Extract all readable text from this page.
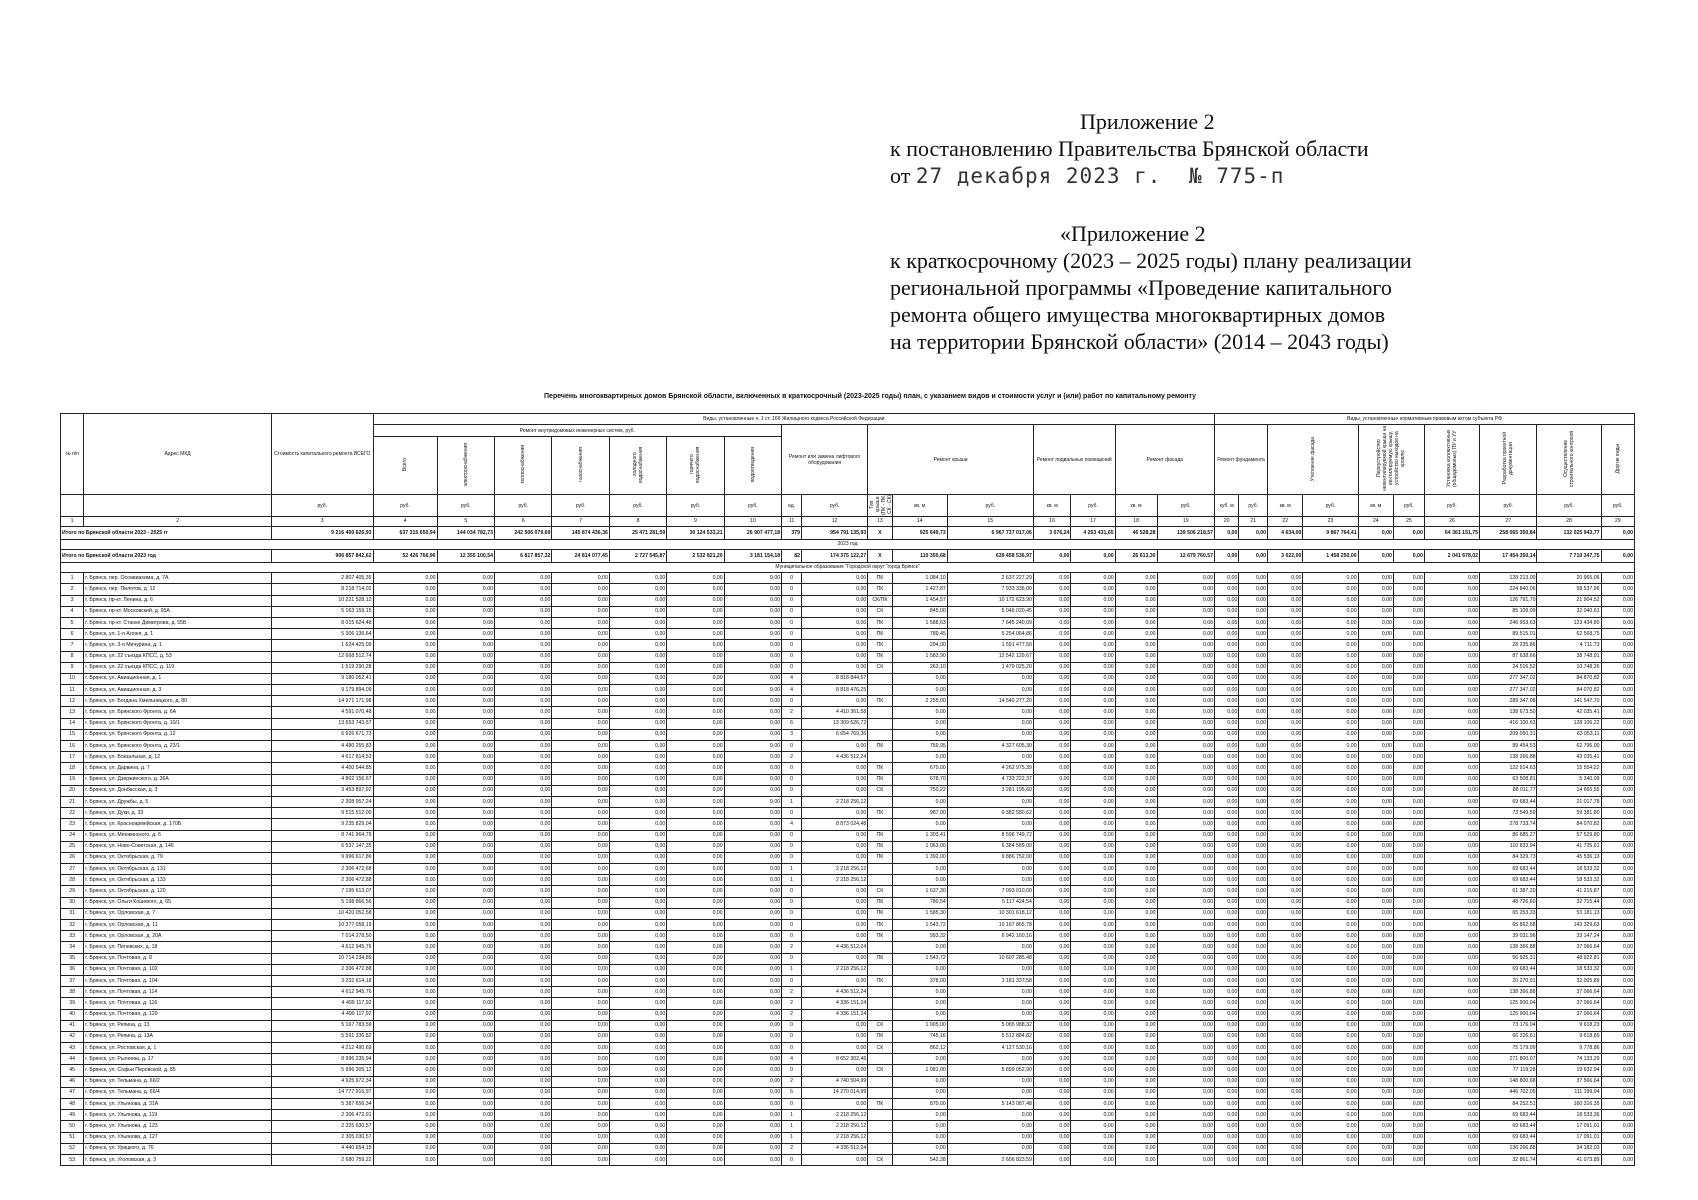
Приложение 2
к постановлению Правительства Брянской области
от 27 декабря 2023 г. № 775-п
«Приложение 2
к краткосрочному (2023 – 2025 годы) плану реализации
региональной программы «Проведение капитального
ремонта общего имущества многоквартирных домов
на территории Брянской области» (2014 – 2043 годы)
Перечень многоквартирных домов Брянской области, включенных в краткосрочный (2023-2025 годы) план, с указанием видов и стоимости услуг и (или) работ по капитальному ремонту
№ п/п	Адрес МКД	Стоимость капитального ремонта ВСЕГО	Виды, установленные ч. 1 ст. 166 Жилищного кодекса Российской Федерации																Виды, установленные нормативным правовым актом субъекта РФ									
			Ремонт внутридомовых инженерных систем, руб.							Ремонт или замена лифтового оборудования		Ремонт крыши			Ремонт подвальных помещений		Ремонт фасада		Ремонт фундамента		Утепление фасада		Переустройство невентилируемой крыши на вентилируемую крышу, устройство выходов на кровлю		Установка коллективных (общедомовых) ПУ и УУ	Разработка проектной документации	Осуществление строительного контроля	Другие виды
			Всего	электроснабжения	теплоснабжения	газоснабжения	холодного водоснабжения	горячего водоснабжения	водоотведения																			
		руб.	руб.	руб.	руб.	руб.	руб.	руб.	руб.	ед.	руб.	Тип крыши (ПК - ПК, СК - СК)	кв. м	руб.	кв. м	руб.	кв. м	руб.	куб. м	руб.	кв. м	руб.	кв. м	руб.	руб.	руб.	руб.	руб.
1	2	3	4	5	6	7	8	9	10	11	12	13	14	15	16	17	18	19	20	21	22	23	24	25	26	27	28	29
Итого по Брянской области 2023 - 2025 гг		9 216 400 626,93	637 315 650,94	144 034 782,73	242 506 079,69	145 874 436,36	25 471 281,59	30 124 533,21	26 907 477,18	379	954 791 135,93	X	925 649,73	6 967 737 017,06	3 076,24	4 253 431,65	46 528,28	139 506 218,57	0,00	0,00	4 634,00	9 867 764,41	0,00	0,00	64 361 151,75	258 065 350,84	132 025 943,77	0,00
2023 год																												
Итого по Брянской области 2023 год		906 857 842,62	52 426 766,96	12 355 100,54	6 817 857,32	24 814 077,45	2 727 545,87	2 532 821,20	3 181 154,18	82	174 375 122,27	X	110 350,68	639 458 536,97	0,00	0,00	26 613,30	12 679 760,57	0,00	0,00	3 022,00	1 458 250,00	0,00	0,00	2 041 678,02	17 454 350,14	7 710 347,75	0,00
Муниципальное образование "Городской округ "город Брянск"																												
1	г. Брянск, пер. Осоавиахима, д. 7А	2 807 405,35	0,00	0,00	0,00	0,00	0,00	0,00	0,00	0	0,00	ПК	1 084,10	2 637 227,29	0,00	0,00	0,00	0,00	0,00	0,00	0,00	0,00	0,00	0,00	0,00	128 213,00	20 965,06	0,00
2	г. Брянск, пер. Пилотов, д. 12	8 218 714,02	0,00	0,00	0,00	0,00	0,00	0,00	0,00	0	0,00	ПК	1 427,87	7 933 336,00	0,00	0,00	0,00	0,00	0,00	0,00	0,00	0,00	0,00	0,00	0,00	224 840,06	58 537,96	0,00
3	г. Брянск, пр-кт. Ленина, д. 6	10 221 528,12	0,00	0,00	0,00	0,00	0,00	0,00	0,00	0	0,00	СК/ПК	1 454,57	10 172 623,90	0,00	0,00	0,00	0,00	0,00	0,00	0,00	0,00	0,00	0,00	0,00	126 791,70	21 904,52	0,00
4	г. Брянск, пр-кт. Московский, д. 95А	5 163 159,15	0,00	0,00	0,00	0,00	0,00	0,00	0,00	0	0,00	СК	845,00	5 046 020,45	0,00	0,00	0,00	0,00	0,00	0,00	0,00	0,00	0,00	0,00	0,00	85 109,09	32 040,61	0,00
5	г. Брянск, пр-кт. Станке Димитрова, д. 55Б	8 015 624,48	0,00	0,00	0,00	0,00	0,00	0,00	0,00	0	0,00	ПК	1 588,63	7 645 240,09	0,00	0,00	0,00	0,00	0,00	0,00	0,00	0,00	0,00	0,00	0,00	246 953,63	123 434,80	0,00
6	г. Брянск, ул. 1-я Аллея, д. 1	5 306 136,64	0,00	0,00	0,00	0,00	0,00	0,00	0,00	0	0,00	ПК	789,45	5 254 064,86	0,00	0,00	0,00	0,00	0,00	0,00	0,00	0,00	0,00	0,00	0,00	89 515,01	62 568,75	0,00
7	г. Брянск, ул. 3-я Мичурина, д. 1	1 624 425,09	0,00	0,00	0,00	0,00	0,00	0,00	0,00	0	0,00	ПК	294,00	1 591 477,50	0,00	0,00	0,00	0,00	0,00	0,00	0,00	0,00	0,00	0,00	0,00	28 235,86	4 711,73	0,00
8	г. Брянск, ул. 22 съезда КПСС, д. 53	12 668 512,74	0,00	0,00	0,00	0,00	0,00	0,00	0,00	0	0,00	ПК	1 583,90	12 542 129,67	0,00	0,00	0,00	0,00	0,00	0,00	0,00	0,00	0,00	0,00	0,00	87 638,66	38 748,91	0,00
9	г. Брянск, ул. 22 съезда КПСС, д. 119	1 519 290,28	0,00	0,00	0,00	0,00	0,00	0,00	0,00	0	0,00	СК	263,10	1 479 025,20	0,00	0,00	0,00	0,00	0,00	0,00	0,00	0,00	0,00	0,00	0,00	24 516,52	10 748,26	0,00
10	г. Брянск, ул. Авиационная, д. 1	9 180 052,41	0,00	0,00	0,00	0,00	0,00	0,00	0,00	4	8 818 844,57		0,00	0,00	0,00	0,00	0,00	0,00	0,00	0,00	0,00	0,00	0,00	0,00	0,00	277 347,02	84 870,82	0,00
11	г. Брянск, ул. Авиационная, д. 3	9 179 894,09	0,00	0,00	0,00	0,00	0,00	0,00	0,00	4	8 818 476,25		0,00	0,00	0,00	0,00	0,00	0,00	0,00	0,00	0,00	0,00	0,00	0,00	0,00	277 347,02	84 070,82	0,00
12	г. Брянск, ул. Богдана Хмельницкого, д. 80	14 971 171,98	0,00	0,00	0,00	0,00	0,00	0,00	0,00	0	0,00	ПК	2 255,00	14 540 277,20	0,00	0,00	0,00	0,00	0,00	0,00	0,00	0,00	0,00	0,00	0,00	289 347,08	141 547,70	0,00
13	г. Брянск, ул. Брянского Фронта, д. 6А	4 591 070,48	0,00	0,00	0,00	0,00	0,00	0,00	0,00	2	4 410 361,58		0,00	0,00	0,00	0,00	0,00	0,00	0,00	0,00	0,00	0,00	0,00	0,00	0,00	138 673,50	42 035,41	0,00
14	г. Брянск, ул. Брянского Фронта, д. 10/1	13 653 743,57	0,00	0,00	0,00	0,00	0,00	0,00	0,00	6	13 309 526,72		0,00	0,00	0,00	0,00	0,00	0,00	0,00	0,00	0,00	0,00	0,00	0,00	0,00	416 100,63	128 106,22	0,00
15	г. Брянск, ул. Брянского Фронта, д. 12	6 926 671,73	0,00	0,00	0,00	0,00	0,00	0,00	0,00	3	6 654 769,36		0,00	0,00	0,00	0,00	0,00	0,00	0,00	0,00	0,00	0,00	0,00	0,00	0,00	209 050,31	63 053,11	0,00
16	г. Брянск, ул. Брянского Фронта, д. 23/1	4 480 255,83	0,00	0,00	0,00	0,00	0,00	0,00	0,00	0	0,00	ПК	759,95	4 327 605,30	0,00	0,00	0,00	0,00	0,00	0,00	0,00	0,00	0,00	0,00	0,00	89 454,53	62 796,00	0,00
17	г. Брянск, ул. Вокзальная, д. 12	4 617 814,53	0,00	0,00	0,00	0,00	0,00	0,00	0,00	2	4 436 512,24		0,00	0,00	0,00	0,00	0,00	0,00	0,00	0,00	0,00	0,00	0,00	0,00	0,00	138 266,88	43 035,41	0,00
18	г. Брянск, ул. Дарвина, д. 7	4 400 544,85	0,00	0,00	0,00	0,00	0,00	0,00	0,00	0	0,00	ПК	670,00	4 262 975,39	0,00	0,00	0,00	0,00	0,00	0,00	0,00	0,00	0,00	0,00	0,00	122 914,63	15 554,22	0,00
19	г. Брянск, ул. Дзержинского, д. 36А	4 802 156,67	0,00	0,00	0,00	0,00	0,00	0,00	0,00	0	0,00	ПК	678,70	4 733 222,37	0,00	0,00	0,00	0,00	0,00	0,00	0,00	0,00	0,00	0,00	0,00	63 508,81	5 340,09	0,00
20	г. Брянск, ул. Донбасская, д. 3	3 453 897,92	0,00	0,00	0,00	0,00	0,00	0,00	0,00	0	0,00	СК	750,22	3 281 195,60	0,00	0,00	0,00	0,00	0,00	0,00	0,00	0,00	0,00	0,00	0,00	88 011,77	14 665,55	0,00
21	г. Брянск, ул. Дружбы, д. 5	2 308 957,24	0,00	0,00	0,00	0,00	0,00	0,00	0,00	1	2 218 256,12		0,00	0,00	0,00	0,00	0,00	0,00	0,00	0,00	0,00	0,00	0,00	0,00	0,00	69 683,44	21 017,78	0,00
22	г. Брянск, ул. Дуки, д. 33	9 515 512,00	0,00	0,00	0,00	0,00	0,00	0,00	0,00	0	0,00	ПК	987,00	9 382 580,62	0,00	0,00	0,00	0,00	0,00	0,00	0,00	0,00	0,00	0,00	0,00	73 549,59	59 381,80	0,00
23	г. Брянск, ул. Красноармейская, д. 170Б	9 235 829,04	0,00	0,00	0,00	0,00	0,00	0,00	0,00	4	8 873 024,48		0,00	0,00	0,00	0,00	0,00	0,00	0,00	0,00	0,00	0,00	0,00	0,00	0,00	278 733,74	84 070,82	0,00
24	г. Брянск, ул. Менжинского, д. 6	8 741 964,79	0,00	0,00	0,00	0,00	0,00	0,00	0,00	0	0,00	ПК	1 303,41	8 596 749,72	0,00	0,00	0,00	0,00	0,00	0,00	0,00	0,00	0,00	0,00	0,00	86 685,27	57 529,80	0,00
25	г. Брянск, ул. Ново-Советская, д. 146	6 537 147,35	0,00	0,00	0,00	0,00	0,00	0,00	0,00	0	0,00	ПК	1 063,00	6 384 589,00	0,00	0,00	0,00	0,00	0,00	0,00	0,00	0,00	0,00	0,00	0,00	110 833,94	41 725,61	0,00
26	г. Брянск, ул. Октябрьская, д. 79	9 996 617,86	0,00	0,00	0,00	0,00	0,00	0,00	0,00	0	0,00	ПК	1 392,00	9 886 752,00	0,00	0,00	0,00	0,00	0,00	0,00	0,00	0,00	0,00	0,00	0,00	84 329,73	45 536,13	0,00
27	г. Брянск, ул. Октябрьская, д. 131	2 306 472,68	0,00	0,00	0,00	0,00	0,00	0,00	0,00	1	2 218 256,12		0,00	0,00	0,00	0,00	0,00	0,00	0,00	0,00	0,00	0,00	0,00	0,00	0,00	69 683,44	18 533,32	0,00
28	г. Брянск, ул. Октябрьская, д. 133	2 306 472,88	0,00	0,00	0,00	0,00	0,00	0,00	0,00	1	2 218 256,12		0,00	0,00	0,00	0,00	0,00	0,00	0,00	0,00	0,00	0,00	0,00	0,00	0,00	69 683,44	18 533,32	0,00
29	г. Брянск, ул. Октябрьская, д. 120	7 195 613,07	0,00	0,00	0,00	0,00	0,00	0,00	0,00	0	0,00	СК	1 637,30	7 093 010,00	0,00	0,00	0,00	0,00	0,00	0,00	0,00	0,00	0,00	0,00	0,00	61 387,20	41 215,87	0,00
30	г. Брянск, ул. Ольги Кошевого, д. 65	5 198 866,56	0,00	0,00	0,00	0,00	0,00	0,00	0,00	0	0,00	ПК	780,54	5 117 424,54	0,00	0,00	0,00	0,00	0,00	0,00	0,00	0,00	0,00	0,00	0,00	48 726,60	32 715,44	0,00
31	г. Брянск, ул. Орловская, д. 7	10 420 052,58	0,00	0,00	0,00	0,00	0,00	0,00	0,00	0	0,00	ПК	1 585,30	10 301 618,12	0,00	0,00	0,00	0,00	0,00	0,00	0,00	0,00	0,00	0,00	0,00	65 253,33	53 181,13	0,00
32	г. Брянск, ул. Орловская, д. 11	10 377 058,19	0,00	0,00	0,00	0,00	0,00	0,00	0,00	0	0,00	ПК	1 543,72	10 167 865,78	0,00	0,00	0,00	0,00	0,00	0,00	0,00	0,00	0,00	0,00	0,00	65 862,68	143 329,63	0,00
33	г. Брянск, ул. Орловская, д. 20А	7 014 278,50	0,00	0,00	0,00	0,00	0,00	0,00	0,00	0	0,00	ПК	993,32	6 942 160,16	0,00	0,00	0,00	0,00	0,00	0,00	0,00	0,00	0,00	0,00	0,00	39 031,96	33 147,24	0,00
34	г. Брянск, ул. Пелевских, д. 18	4 612 945,76	0,00	0,00	0,00	0,00	0,00	0,00	0,00	2	4 436 512,24		0,00	0,00	0,00	0,00	0,00	0,00	0,00	0,00	0,00	0,00	0,00	0,00	0,00	138 366,88	37 066,64	0,00
35	г. Брянск, ул. Почтовая, д. 8	10 714 234,89	0,00	0,00	0,00	0,00	0,00	0,00	0,00	0	0,00	ПК	1 543,72	10 607 285,48	0,00	0,00	0,00	0,00	0,00	0,00	0,00	0,00	0,00	0,00	0,00	56 925,31	48 922,81	0,00
36	г. Брянск, ул. Почтовая, д. 102	2 306 472,88	0,00	0,00	0,00	0,00	0,00	0,00	0,00	1	2 218 256,12		0,00	0,00	0,00	0,00	0,00	0,00	0,00	0,00	0,00	0,00	0,00	0,00	0,00	69 683,44	18 533,32	0,00
37	г. Брянск, ул. Почтовая, д. 104	3 232 614,18	0,00	0,00	0,00	0,00	0,00	0,00	0,00	0	0,00	ПК	378,00	3 181 337,58	0,00	0,00	0,00	0,00	0,00	0,00	0,00	0,00	0,00	0,00	0,00	20 270,91	32 005,89	0,00
38	г. Брянск, ул. Почтовая, д. 114	4 612 945,76	0,00	0,00	0,00	0,00	0,00	0,00	0,00	2	4 436 512,24		0,00	0,00	0,00	0,00	0,00	0,00	0,00	0,00	0,00	0,00	0,00	0,00	0,00	138 366,88	37 066,64	0,00
39	г. Брянск, ул. Почтовая, д. 116	4 499 117,92	0,00	0,00	0,00	0,00	0,00	0,00	0,00	2	4 336 151,24		0,00	0,00	0,00	0,00	0,00	0,00	0,00	0,00	0,00	0,00	0,00	0,00	0,00	125 900,04	37 066,64	0,00
40	г. Брянск, ул. Почтовая, д. 129	4 499 117,92	0,00	0,00	0,00	0,00	0,00	0,00	0,00	2	4 336 151,24		0,00	0,00	0,00	0,00	0,00	0,00	0,00	0,00	0,00	0,00	0,00	0,00	0,00	125 900,04	37 066,64	0,00
41	г. Брянск, ул. Репина, д. 13	5 167 783,59	0,00	0,00	0,00	0,00	0,00	0,00	0,00	0	0,00	СК	1 005,00	5 065 988,32	0,00	0,00	0,00	0,00	0,00	0,00	0,00	0,00	0,00	0,00	0,00	73 176,04	9 618,23	0,00
42	г. Брянск, ул. Репина, д. 13А	5 591 336,82	0,00	0,00	0,00	0,00	0,00	0,00	0,00	0	0,00	ПК	745,16	5 512 884,82	0,00	0,00	0,00	0,00	0,00	0,00	0,00	0,00	0,00	0,00	0,00	66 326,61	9 618,89	0,00
43	г. Брянск, ул. Ростовская, д. 1	4 212 490,69	0,00	0,00	0,00	0,00	0,00	0,00	0,00	0	0,00	СК	862,12	4 127 530,16	0,00	0,00	0,00	0,00	0,00	0,00	0,00	0,00	0,00	0,00	0,00	75 179,99	9 778,86	0,00
44	г. Брянск, ул. Рылеева, д. 17	8 996 235,94	0,00	0,00	0,00	0,00	0,00	0,00	0,00	4	8 652 302,46		0,00	0,00	0,00	0,00	0,00	0,00	0,00	0,00	0,00	0,00	0,00	0,00	0,00	271 800,07	74 133,29	0,00
45	г. Брянск, ул. Софьи Перовской, д. 85	5 996 305,12	0,00	0,00	0,00	0,00	0,00	0,00	0,00	0	0,00	СК	1 081,00	5 899 052,90	0,00	0,00	0,00	0,00	0,00	0,00	0,00	0,00	0,00	0,00	0,00	77 119,28	19 632,94	0,00
46	г. Брянск, ул. Тельмана, д. 66/2	4 925 972,34	0,00	0,00	0,00	0,00	0,00	0,00	0,00	2	4 740 504,99		0,00	0,00	0,00	0,00	0,00	0,00	0,00	0,00	0,00	0,00	0,00	0,00	0,00	148 800,68	37 566,64	0,00
47	г. Брянск, ул. Тельмана, д. 66/4	14 777 916,97	0,00	0,00	0,00	0,00	0,00	0,00	0,00	6	14 270 014,99		0,00	0,00	0,00	0,00	0,00	0,00	0,00	0,00	0,00	0,00	0,00	0,00	0,00	446 702,05	111 199,94	0,00
48	г. Брянск, ул. Ульянова, д. 31А	5 387 656,34	0,00	0,00	0,00	0,00	0,00	0,00	0,00	0	0,00	ПК	870,00	5 143 087,48	0,00	0,00	0,00	0,00	0,00	0,00	0,00	0,00	0,00	0,00	0,00	84 252,51	160 316,35	0,00
49	г. Брянск, ул. Ульянова, д. 119	2 306 472,91	0,00	0,00	0,00	0,00	0,00	0,00	0,00	1	2 218 256,12		0,00	0,00	0,00	0,00	0,00	0,00	0,00	0,00	0,00	0,00	0,00	0,00	0,00	69 683,44	18 533,36	0,00
50	г. Брянск, ул. Ульянова, д. 123	2 325 630,57	0,00	0,00	0,00	0,00	0,00	0,00	0,00	1	2 218 256,12		0,00	0,00	0,00	0,00	0,00	0,00	0,00	0,00	0,00	0,00	0,00	0,00	0,00	69 683,44	17 091,01	0,00
51	г. Брянск, ул. Ульянова, д. 127	2 305 030,57	0,00	0,00	0,00	0,00	0,00	0,00	0,00	1	2 218 256,12		0,00	0,00	0,00	0,00	0,00	0,00	0,00	0,00	0,00	0,00	0,00	0,00	0,00	69 683,44	17 091,01	0,00
52	г. Брянск, ул. Урицкого, д. 76	4 440 654,15	0,00	0,00	0,00	0,00	0,00	0,00	0,00	2	4 336 512,24		0,00	0,00	0,00	0,00	0,00	0,00	0,00	0,00	0,00	0,00	0,00	0,00	0,00	136 266,88	34 182,03	0,00
53	г. Брянск, ул. Уголовская, д. 3	2 680 759,22	0,00	0,00	0,00	0,00	0,00	0,00	0,00	0	0,00	СК	542,38	2 606 823,59	0,00	0,00	0,00	0,00	0,00	0,00	0,00	0,00	0,00	0,00	0,00	32 861,74	41 073,89	0,00
